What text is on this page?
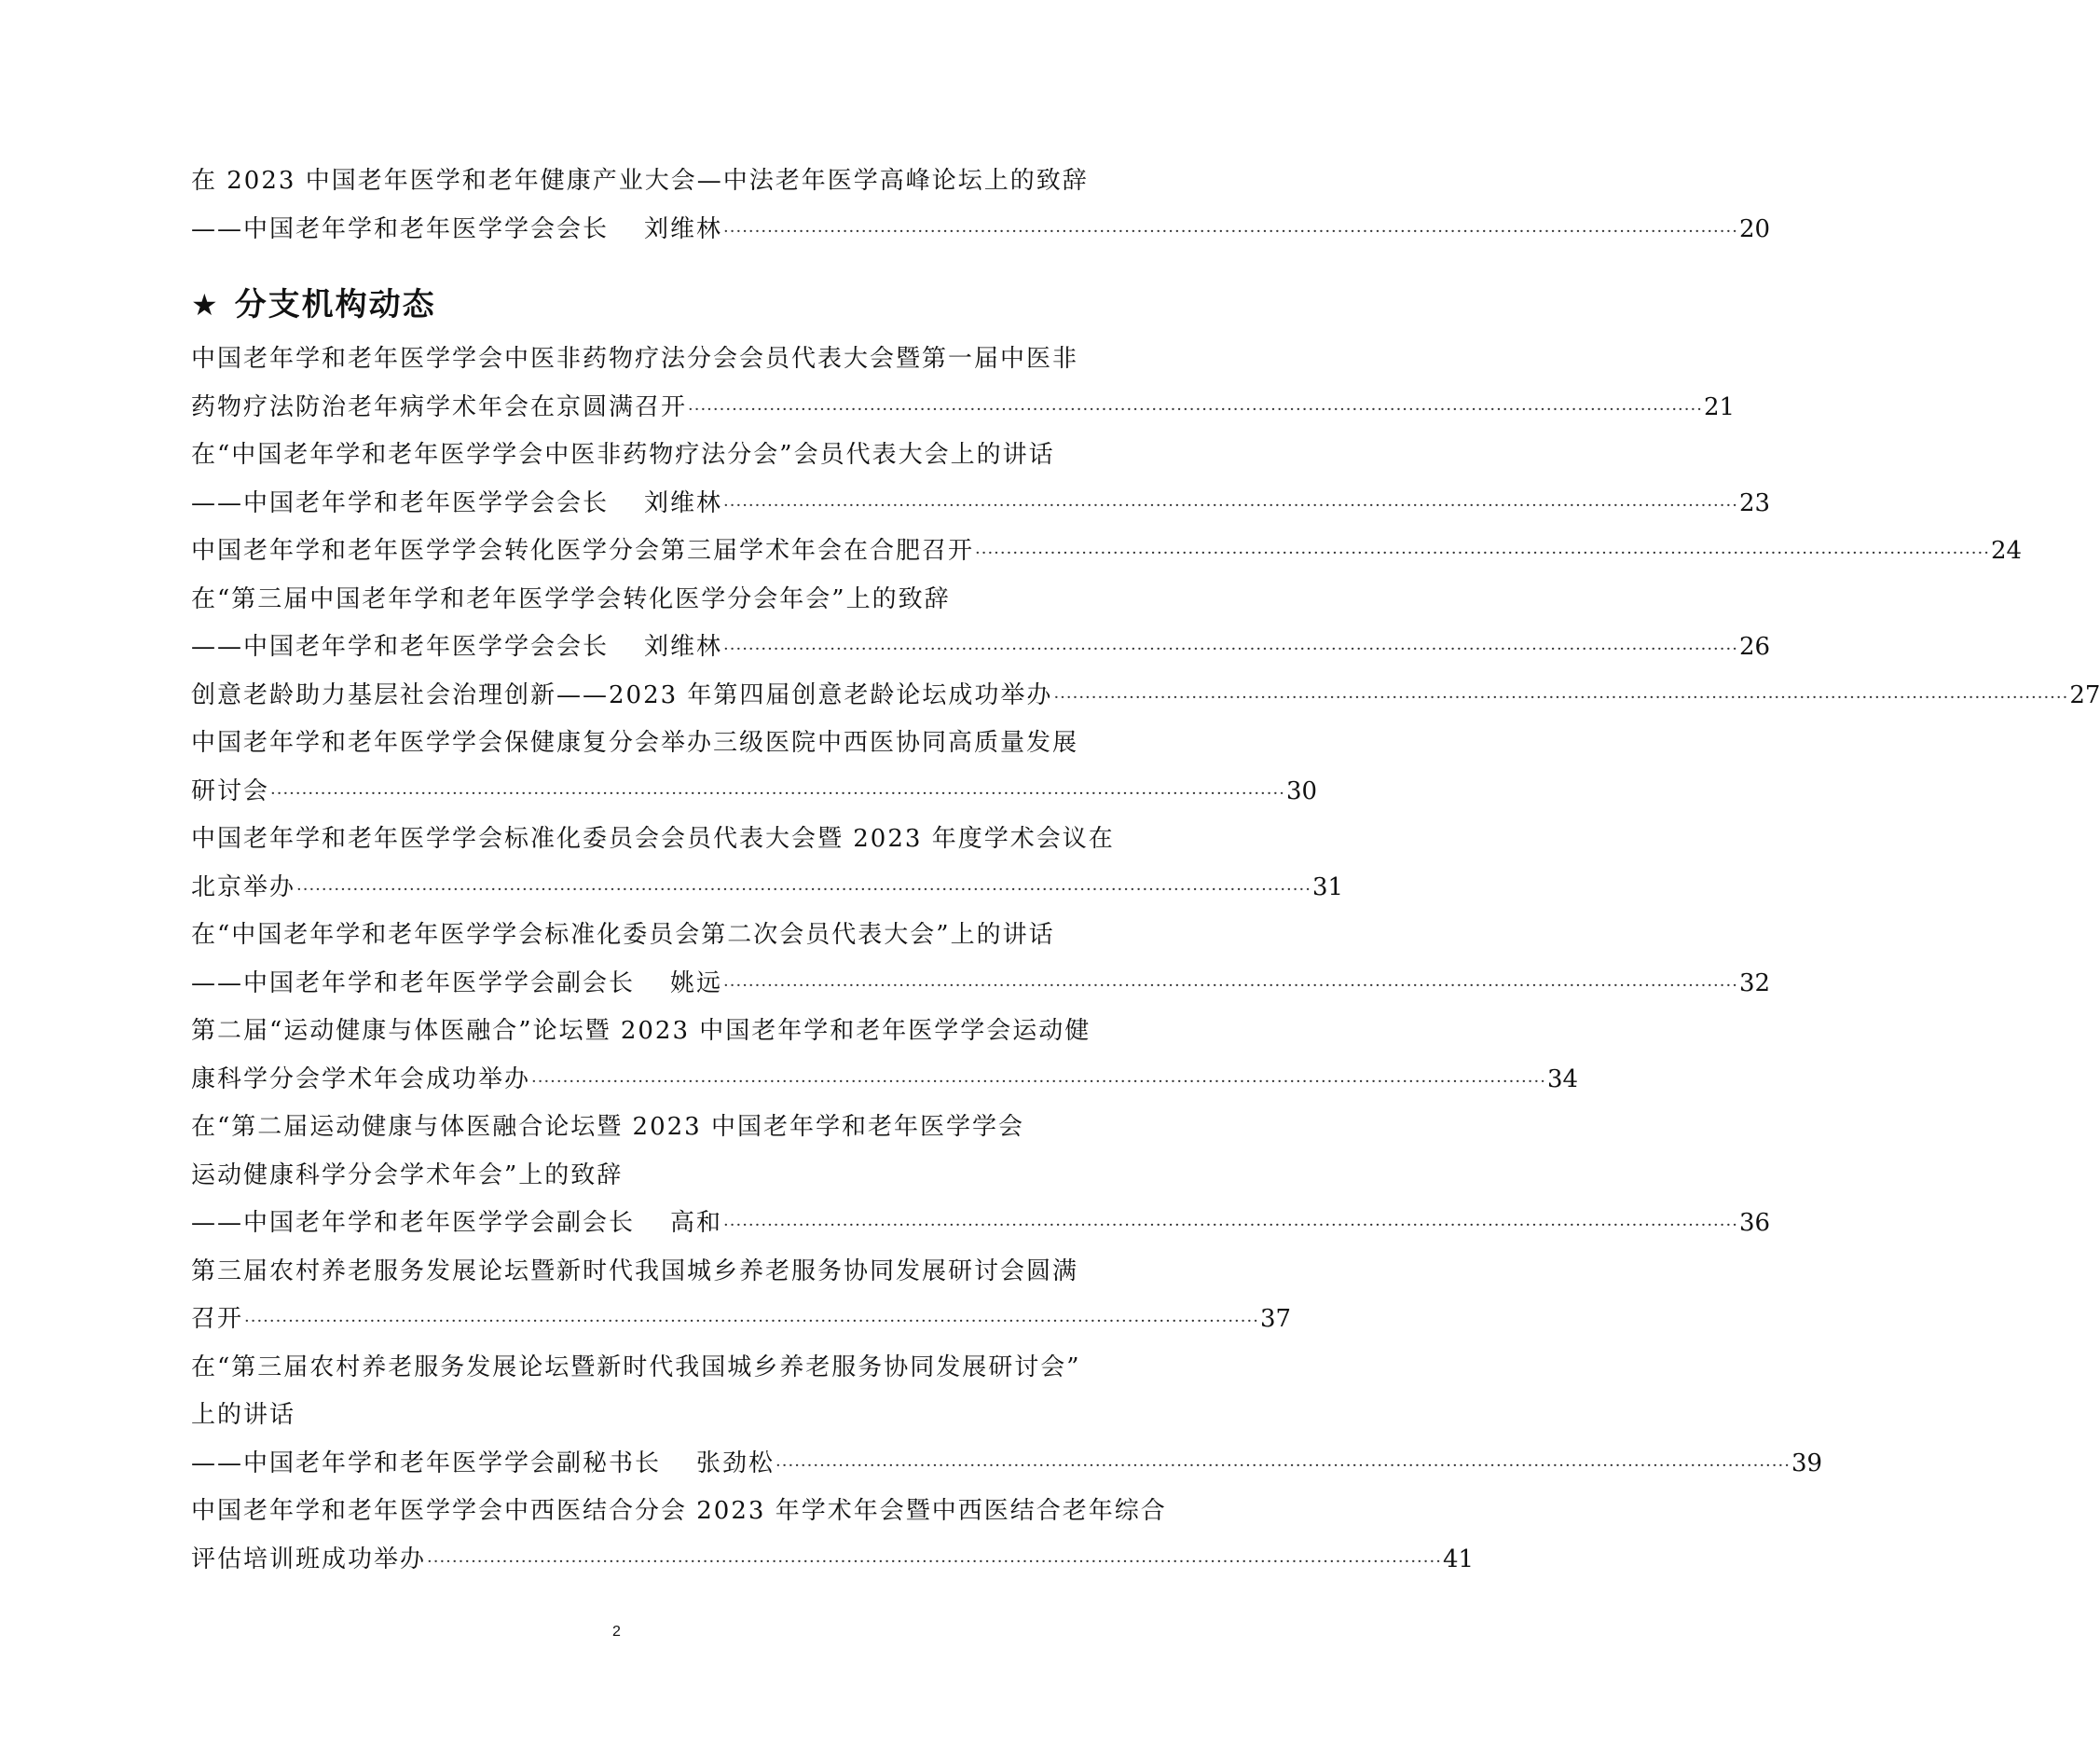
在 2023 中国老年医学和老年健康产业大会—中法老年医学高峰论坛上的致辞
——中国老年学和老年医学学会会长 刘维林 ·····	20
★ 分支机构动态
中国老年学和老年医学学会中医非药物疗法分会会员代表大会暨第一届中医非
药物疗法防治老年病学术年会在京圆满召开 ·····	21
在“中国老年学和老年医学学会中医非药物疗法分会”会员代表大会上的讲话
——中国老年学和老年医学学会会长 刘维林 ·····	23
中国老年学和老年医学学会转化医学分会第三届学术年会在合肥召开 ·····	24
在“第三届中国老年学和老年医学学会转化医学分会年会”上的致辞
——中国老年学和老年医学学会会长 刘维林 ·····	26
创意老龄助力基层社会治理创新——2023 年第四届创意老龄论坛成功举办 ·····	27
中国老年学和老年医学学会保健康复分会举办三级医院中西医协同高质量发展
研讨会 ·····	30
中国老年学和老年医学学会标准化委员会会员代表大会暨 2023 年度学术会议在
北京举办 ·····	31
在“中国老年学和老年医学学会标准化委员会第二次会员代表大会”上的讲话
——中国老年学和老年医学学会副会长 姚远 ·····	32
第二届“运动健康与体医融合”论坛暨 2023 中国老年学和老年医学学会运动健
康科学分会学术年会成功举办 ·····	34
在“第二届运动健康与体医融合论坛暨 2023 中国老年学和老年医学学会
运动健康科学分会学术年会”上的致辞
——中国老年学和老年医学学会副会长 高和 ·····	36
第三届农村养老服务发展论坛暨新时代我国城乡养老服务协同发展研讨会圆满
召开 ·····	37
在“第三届农村养老服务发展论坛暨新时代我国城乡养老服务协同发展研讨会”
上的讲话
——中国老年学和老年医学学会副秘书长 张劲松 ·····	39
中国老年学和老年医学学会中西医结合分会 2023 年学术年会暨中西医结合老年综合
评估培训班成功举办 ·····	41
2
